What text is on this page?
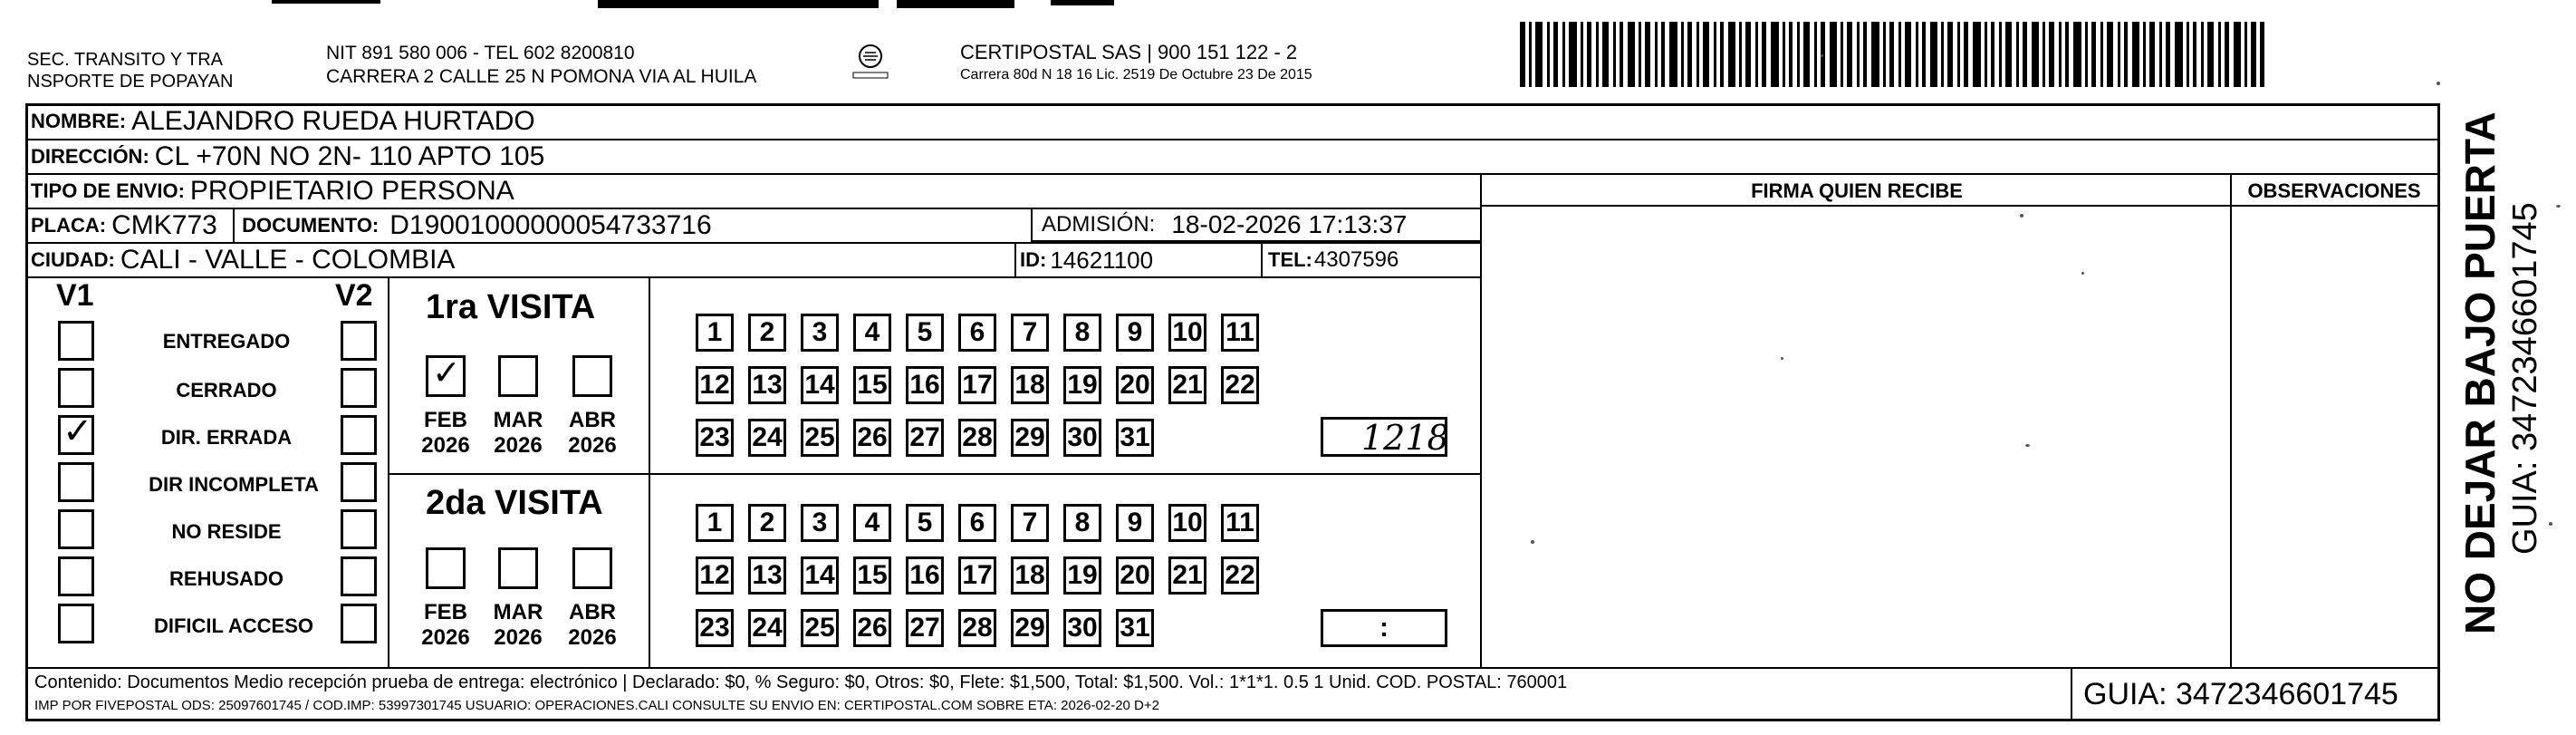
SEC. TRANSITO Y TRA
NSPORTE DE POPAYAN
NIT 891 580 006 - TEL 602 8200810
CARRERA 2 CALLE 25 N POMONA VIA AL HUILA
CERTIPOSTAL SAS | 900 151 122 - 2
Carrera 80d N 18 16 Lic. 2519 De Octubre 23 De 2015
NOMBRE: ALEJANDRO RUEDA HURTADO
DIRECCIÓN: CL +70N NO 2N- 110 APTO 105
TIPO DE ENVIO: PROPIETARIO PERSONA	FIRMA QUIEN RECIBE	OBSERVACIONES
PLACA: CMK773	DOCUMENTO: D19001000000054733716	ADMISIÓN: 18-02-2026 17:13:37
CIUDAD: CALI - VALLE - COLOMBIA	ID: 14621100	TEL: 4307596
V1	V2
ENTREGADO
CERRADO
✓	DIR. ERRADA
DIR INCOMPLETA
NO RESIDE
REHUSADO
DIFICIL ACCESO
1ra VISITA
✓
FEB
2026
MAR
2026
ABR
2026
2da VISITA
FEB
2026
MAR
2026
ABR
2026
1	2	3	4	5	6	7	8	9	10 11
12 13 14 15 16 17 18 19 20 21 22
23 24 25 26 27 28 29 30 31
1	2	3	4	5	6	7	8	9	10 11
12 13 14 15 16 17 18 19 20 21 22
23 24 25 26 27 28 29 30 31
1218
:
Contenido: Documentos Medio recepción prueba de entrega: electrónico | Declarado: $0, % Seguro: $0, Otros: $0, Flete: $1,500, Total: $1,500. Vol.: 1*1*1. 0.5 1 Unid. COD. POSTAL: 760001
IMP POR FIVEPOSTAL ODS: 25097601745 / COD.IMP: 53997301745 USUARIO: OPERACIONES.CALI CONSULTE SU ENVIO EN: CERTIPOSTAL.COM SOBRE ETA: 2026-02-20 D+2	GUIA: 3472346601745
NO DEJAR BAJO PUERTA GUIA: 3472346601745
